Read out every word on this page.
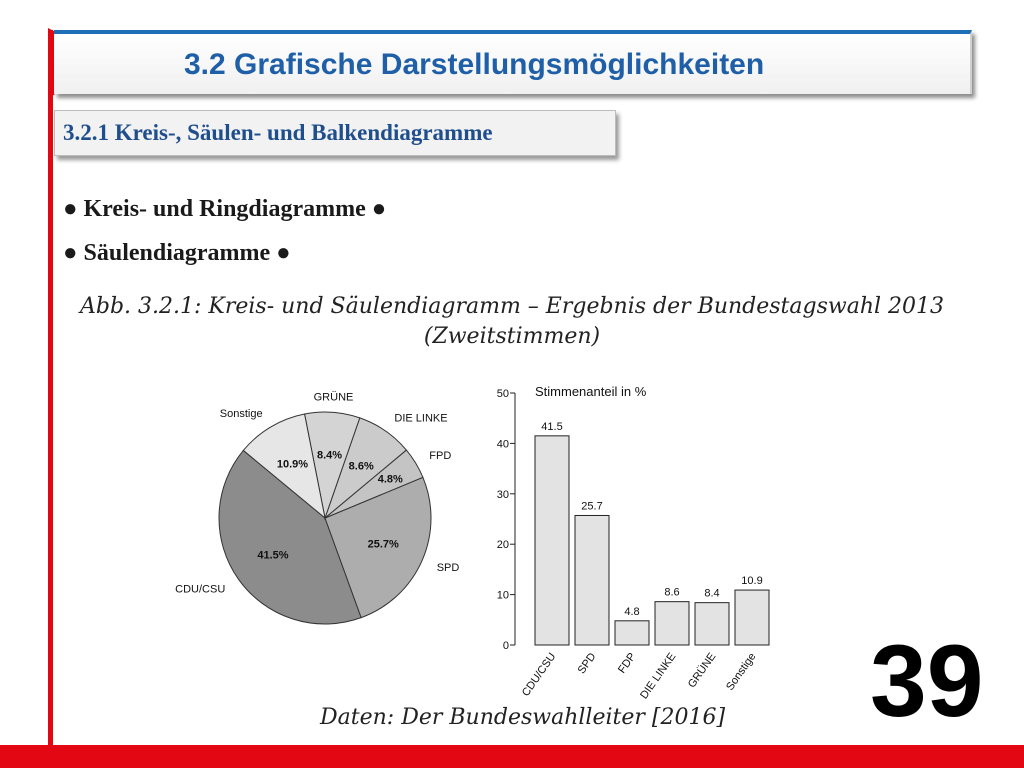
3.2 Grafische Darstellungsmöglichkeiten
3.2.1 Kreis-, Säulen- und Balkendiagramme
● Kreis- und Ringdiagramme ●
● Säulendiagramme ●
Abb. 3.2.1: Kreis- und Säulendiagramm – Ergebnis der Bundestagswahl 2013
(Zweitstimmen)
41.5%
CDU/CSU
25.7%
SPD
4.8%
FPD
8.6%
DIE LINKE
8.4%
GRÜNE
10.9%
Sonstige
0
10
20
30
40
50 Stimmenanteil in %
41.5
CDU/CSU
25.7
SPD
4.8
FDP
8.6
DIE LINKE
8.4
GRÜNE
10.9
Sonstige
Daten: Der Bundeswahlleiter [2016] 39
